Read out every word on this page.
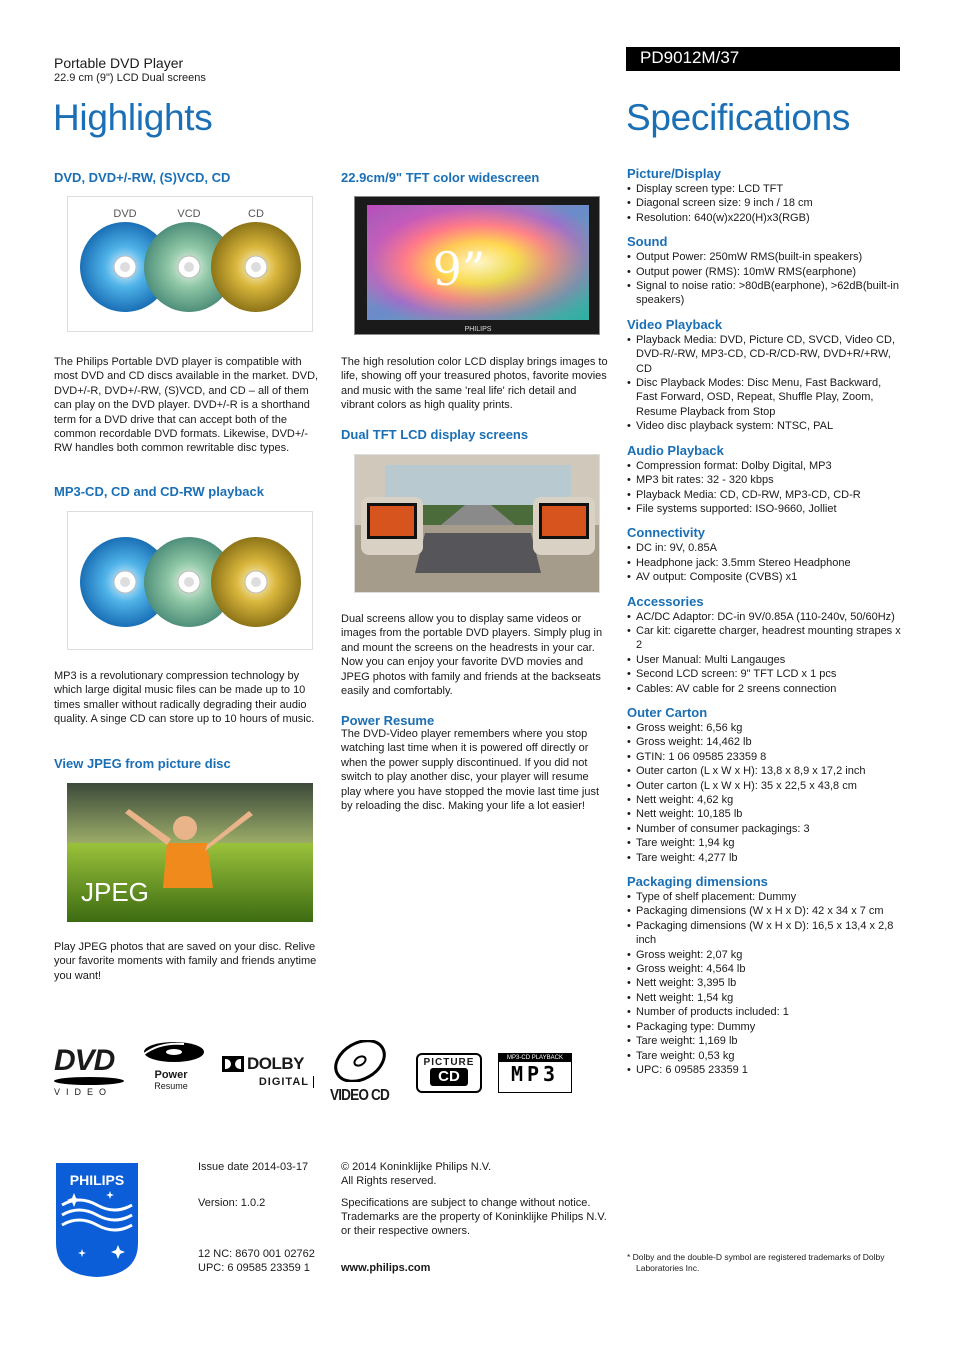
Portable DVD Player
22.9 cm (9") LCD Dual screens
PD9012M/37
Highlights	Specifications
DVD, DVD+/-RW, (S)VCD, CD
DVD	VCD	CD

The Philips Portable DVD player is compatible with most DVD and CD discs available in the market. DVD, DVD+/-R, DVD+/-RW, (S)VCD, and CD – all of them can play on the DVD player. DVD+/-R is a shorthand term for a DVD drive that can accept both of the common recordable DVD formats. Likewise, DVD+/-RW handles both common rewritable disc types.

MP3-CD, CD and CD-RW playback

MP3 is a revolutionary compression technology by which large digital music files can be made up to 10 times smaller without radically degrading their audio quality. A singe CD can store up to 10 hours of music.

View JPEG from picture disc
JPEG

Play JPEG photos that are saved on your disc. Relive your favorite moments with family and friends anytime you want!

22.9cm/9" TFT color widescreen
9”
PHILIPS

The high resolution color LCD display brings images to life, showing off your treasured photos, favorite movies and music with the same 'real life' rich detail and vibrant colors as high quality prints.

Dual TFT LCD display screens

Dual screens allow you to display same videos or images from the portable DVD players. Simply plug in and mount the screens on the headrests in your car. Now you can enjoy your favorite DVD movies and JPEG photos with family and friends at the backseats easily and comfortably.

Power Resume

The DVD-Video player remembers where you stop watching last time when it is powered off directly or when the power supply discontinued. If you did not switch to play another disc, your player will resume play where you have stopped the movie last time just by reloading the disc. Making your life a lot easier!

DVD
VIDEO
Power
Resume
DOLBY
DIGITAL
VIDEO CD
PICTURE
CD
MP3-CD PLAYBACK
MP3
Picture/Display
• Display screen type: LCD TFT
• Diagonal screen size: 9 inch / 18 cm
• Resolution: 640(w)x220(H)x3(RGB)
Sound
• Output Power: 250mW RMS(built-in speakers)
• Output power (RMS): 10mW RMS(earphone)
• Signal to noise ratio: >80dB(earphone), >62dB(built-in speakers)
Video Playback
• Playback Media: DVD, Picture CD, SVCD, Video CD, DVD-R/-RW, MP3-CD, CD-R/CD-RW, DVD+R/+RW, CD
• Disc Playback Modes: Disc Menu, Fast Backward, Fast Forward, OSD, Repeat, Shuffle Play, Zoom, Resume Playback from Stop
• Video disc playback system: NTSC, PAL
Audio Playback
• Compression format: Dolby Digital, MP3
• MP3 bit rates: 32 - 320 kbps
• Playback Media: CD, CD-RW, MP3-CD, CD-R
• File systems supported: ISO-9660, Jolliet
Connectivity
• DC in: 9V, 0.85A
• Headphone jack: 3.5mm Stereo Headphone
• AV output: Composite (CVBS) x1
Accessories
• AC/DC Adaptor: DC-in 9V/0.85A (110-240v, 50/60Hz)
• Car kit: cigarette charger, headrest mounting strapes x 2
• User Manual: Multi Langauges
• Second LCD screen: 9" TFT LCD x 1 pcs
• Cables: AV cable for 2 sreens connection
Outer Carton
• Gross weight: 6,56 kg
• Gross weight: 14,462 lb
• GTIN: 1 06 09585 23359 8
• Outer carton (L x W x H): 13,8 x 8,9 x 17,2 inch
• Outer carton (L x W x H): 35 x 22,5 x 43,8 cm
• Nett weight: 4,62 kg
• Nett weight: 10,185 lb
• Number of consumer packagings: 3
• Tare weight: 1,94 kg
• Tare weight: 4,277 lb
Packaging dimensions
• Type of shelf placement: Dummy
• Packaging dimensions (W x H x D): 42 x 34 x 7 cm
• Packaging dimensions (W x H x D): 16,5 x 13,4 x 2,8 inch
• Gross weight: 2,07 kg
• Gross weight: 4,564 lb
• Nett weight: 3,395 lb
• Nett weight: 1,54 kg
• Number of products included: 1
• Packaging type: Dummy
• Tare weight: 1,169 lb
• Tare weight: 0,53 kg
• UPC: 6 09585 23359 1
PHILIPS
Issue date 2014-03-17
Version: 1.0.2
12 NC: 8670 001 02762
UPC: 6 09585 23359 1
© 2014 Koninklijke Philips N.V.
All Rights reserved.
Specifications are subject to change without notice. Trademarks are the property of Koninklijke Philips N.V. or their respective owners.
www.philips.com
* Dolby and the double-D symbol are registered trademarks of Dolby Laboratories Inc.
